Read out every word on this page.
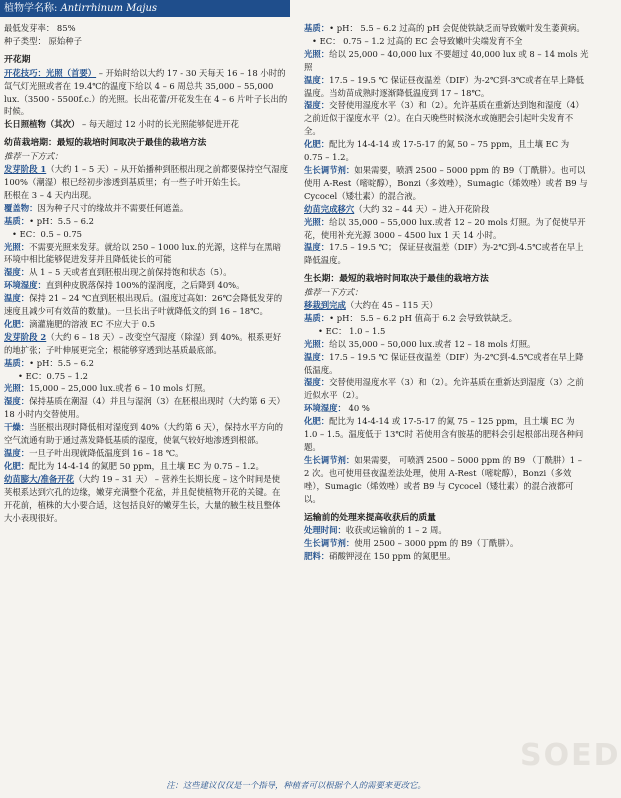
植物学名称: Antirrhinum Majus

最低发芽率： 85%

种子类型： 原始种子

开花期

开花技巧：光照（首要） – 开始时给以大约 17 - 30 天每天 16 – 18 小时的氙气灯光照或者在 19.4℃的温度下给以 4 – 6 周总共 35,000 – 55,000 lux.（3500 - 5500f.c.）的光照。长出花蕾/开花发生在 4 – 6 片叶子长出的时候。

长日照植物（其次） – 每天超过 12 小时的长光照能够促进开花

幼苗栽培期：最短的栽培时间取决于最佳的栽培方法

推荐一下方式：

发芽阶段 1（大约 1 – 5 天）– 从开始播种到胚根出现之前都要保持空气湿度 100%（潮湿）根已经初步渗透到基质里；有一些子叶开始生长。

胚根在 3 – 4 天内出现。

覆盖物：因为种子尺寸的缘故并不需要任何遮盖。

基质：• pH：5.5 – 6.2

• EC：0.5 – 0.75

光照：不需要光照来发芽。就给以 250 – 1000 lux.的光源，这样与在黑暗环境中相比能够促进发芽并且降低徒长的可能

湿度：从 1 – 5 天或者直到胚根出现之前保持饱和状态（5）。

环境湿度：直到种皮脱落保持 100%的湿润度，之后降到 40%。

温度：保持 21 – 24 ℃直到胚根出现后。(温度过高如：26℃会降低发芽的速度且减少可有效苗的数量)。一旦长出子叶就降低文的到 16 – 18℃。

化肥：滴灌施肥的溶液 EC 不应大于 0.5

发芽阶段 2（大约 6 – 18 天）– 改变空气湿度（除湿）到 40%。根系更好的地扩张；子叶伸展更完全；根能够穿透到达基质最底部。

基质：• pH：5.5 – 6.2

• EC：0.75 – 1.2

光照：15,000 – 25,000 lux.或者 6 – 10 mols 灯照。

湿度：保持基质在潮湿（4）并且与湿润（3）在胚根出现时（大约第 6 天）18 小时内交替使用。

干燥：当胚根出现时降低相对湿度到 40%（大约第 6 天），保持水平方向的空气流通有助于通过蒸发降低基质的湿度，使氧气较好地渗透到根部。

温度：一旦子叶出现就降低温度到 16 – 18 ℃。

化肥：配比为 14-4-14 的氮肥 50 ppm，且土壤 EC 为 0.75 – 1.2。

幼苗膨大/准备开花（大约 19 – 31 天） – 营养生长期长度 – 这个时间是使荚根系达到穴孔的边缘，嫩芽充满整个花盆，并且促使植物开花的关键。在开花前，植株的大小要合适，这包括良好的嫩芽生长，大量的腋生枝且整体大小表现很好。

基质：• pH： 5.5 – 6.2 过高的 pH 会促使铁缺乏而导致嫩叶发生萎黄病。

• EC： 0.75 – 1.2 过高的 EC 会导致嫩叶尖端发育不全

光照：给以 25,000 – 40,000 lux 不要超过 40,000 lux 或 8 – 14 mols 光照

温度：17.5 – 19.5 ℃ 保证昼夜温差（DIF）为-2℃到-3℃或者在早上降低温度。当幼苗成熟时逐渐降低温度到 17 – 18℃。

湿度：交替使用湿度水平（3）和（2）。允许基质在重新达到饱和湿度（4）之前近似于湿度水平（2）。在白天晚些时候浇水或施肥会引起叶尖发育不全。

化肥：配比为 14-4-14 或 17-5-17 的氮 50 – 75 ppm，且土壤 EC 为 0.75 – 1.2。

生长调节剂：如果需要，喷洒 2500 – 5000 ppm 的 B9（丁酰肼）。也可以使用 A-Rest（嘧啶醇），Bonzi（多效唑），Sumagic（烯效唑）或者 B9 与 Cycocel（矮壮素）的混合液。

幼苗完成移穴（大约 32 – 44 天）– 进入开花阶段

光照：给以 35,000 – 55,000 lux.或者 12 – 20 mols 灯照。为了促使早开花，使用补充光源 3000 – 4500 lux 1 天 14 小时。

温度：17.5 – 19.5 ℃； 保证昼夜温差（DIF）为-2℃到-4.5℃或者在早上降低温度。

生长期：最短的栽培时间取决于最佳的栽培方法

推荐一下方式：

移栽到完成（大约在 45 – 115 天）

基质：• pH： 5.5 – 6.2 pH 值高于 6.2 会导致铁缺乏。

• EC： 1.0 – 1.5

光照：给以 35,000 – 50,000 lux.或者 12 – 18 mols 灯照。

温度：17.5 – 19.5 ℃ 保证昼夜温差（DIF）为-2℃到-4.5℃或者在早上降低温度。

湿度：交替使用湿度水平（3）和（2）。允许基质在重新达到湿度（3）之前近似水平（2）。

环境湿度： 40 %

化肥：配比为 14-4-14 或 17-5-17 的氮 75 – 125 ppm，且土壤 EC 为 1.0 – 1.5。温度低于 13℃时 若使用含有胺基的肥料会引起根部出现各种问题。

生长调节剂：如果需要， 可喷洒 2500 – 5000 ppm 的 B9 （丁酰肼）1 – 2 次。也可使用昼夜温差法处理，使用 A-Rest（嘧啶醇），Bonzi（多效唑），Sumagic（烯效唑）或者 B9 与 Cycocel（矮壮素）的混合液都可以。

运输前的处理来提高收获后的质量

处理时间：收获或运输前的 1 – 2 周。

生长调节剂：使用 2500 – 3000 ppm 的 B9（丁酰肼）。

肥料：硝酸钾浸在 150 ppm 的氮肥里。

SOED
注：这些建议仅仅是一个指导，种植者可以根据个人的需要来更改它。
